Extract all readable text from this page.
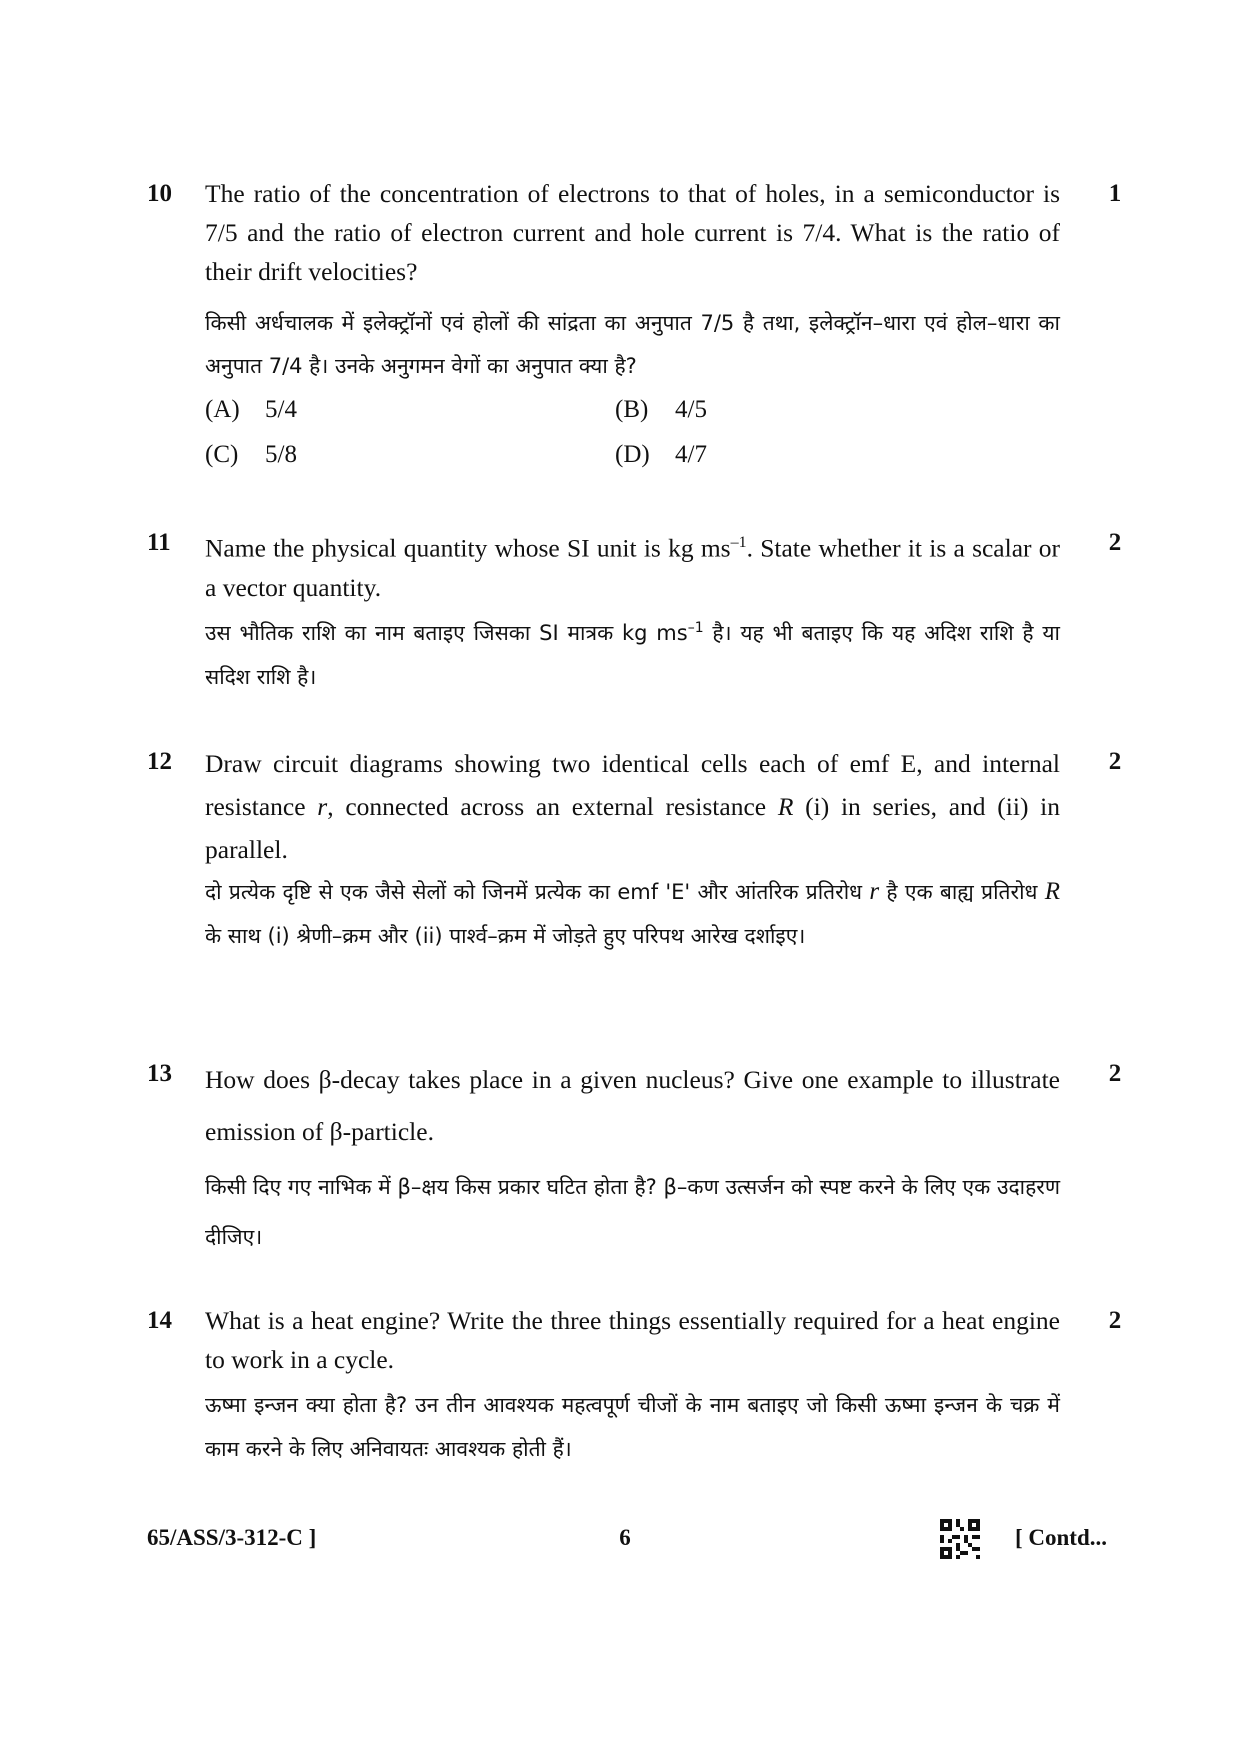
10	1

The ratio of the concentration of electrons to that of holes, in a semiconductor is 7/5 and the ratio of electron current and hole current is 7/4. What is the ratio of their drift velocities?

किसी अर्धचालक में इलेक्ट्रॉनों एवं होलों की सांद्रता का अनुपात 7/5 है तथा, इलेक्ट्रॉन–धारा एवं होल–धारा का अनुपात 7/4 है। उनके अनुगमन वेगों का अनुपात क्या है?

(A) 5/4	(B) 4/5
(C) 5/8	(D) 4/7
11	2

Name the physical quantity whose SI unit is kg $ms^{-1}$. State whether it is a scalar or a vector quantity.

उस भौतिक राशि का नाम बताइए जिसका SI मात्रक kg $ms^{-1}$ है। यह भी बताइए कि यह अदिश राशि है या सदिश राशि है।

12	2

Draw circuit diagrams showing two identical cells each of emf E, and internal resistance r, connected across an external resistance R (i) in series, and (ii) in parallel.

दो प्रत्येक दृष्टि से एक जैसे सेलों को जिनमें प्रत्येक का emf 'E' और आंतरिक प्रतिरोध r है एक बाह्य प्रतिरोध R के साथ (i) श्रेणी–क्रम और (ii) पार्श्व–क्रम में जोड़ते हुए परिपथ आरेख दर्शाइए।

13	2

How does β-decay takes place in a given nucleus? Give one example to illustrate emission of β-particle.

किसी दिए गए नाभिक में β–क्षय किस प्रकार घटित होता है? β–कण उत्सर्जन को स्पष्ट करने के लिए एक उदाहरण दीजिए।

14	2

What is a heat engine? Write the three things essentially required for a heat engine to work in a cycle.

ऊष्मा इन्जन क्या होता है? उन तीन आवश्यक महत्वपूर्ण चीजों के नाम बताइए जो किसी ऊष्मा इन्जन के चक्र में काम करने के लिए अनिवायतः आवश्यक होती हैं।

65/ASS/3-312-C ]	6	[ Contd...
